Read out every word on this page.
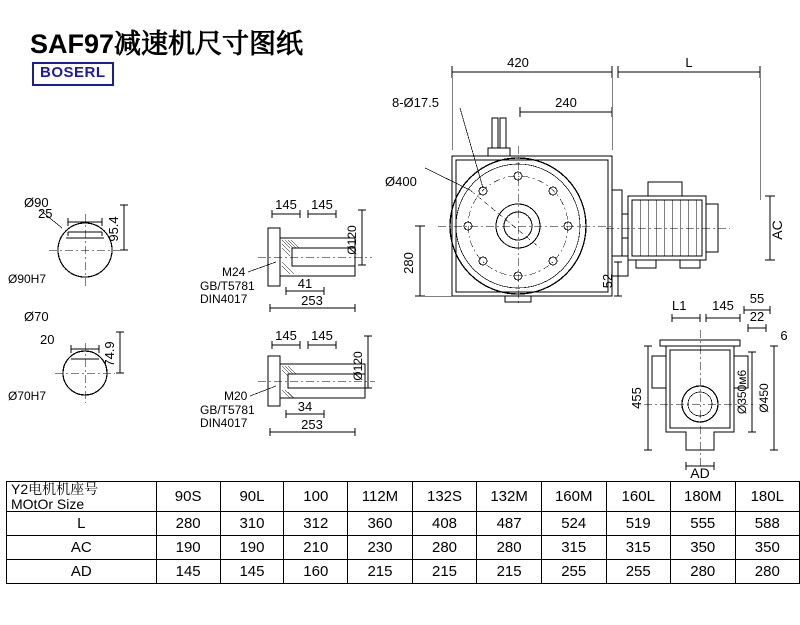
SAF97减速机尺寸图纸
BOSERL
420	L
8-Ø17.5	240
Ø400
280
52
AC
L1 145 55
22
6
455	Ø350м6 Ø450
AD
Ø90
25
95.4
Ø90H7
Ø70
20
74.9
Ø70H7
145 145
Ø120
M24
GB/T5781
DIN4017
41
253
145 145
Ø120
M20
GB/T5781
DIN4017
34
253
Y2电机机座号
MOtOr Size	90S	90L	100	112M	132S	132M	160M	160L	180M	180L
L	280	310	312	360	408	487	524	519	555	588
AC	190	190	210	230	280	280	315	315	350	350
AD	145	145	160	215	215	215	255	255	280	280
